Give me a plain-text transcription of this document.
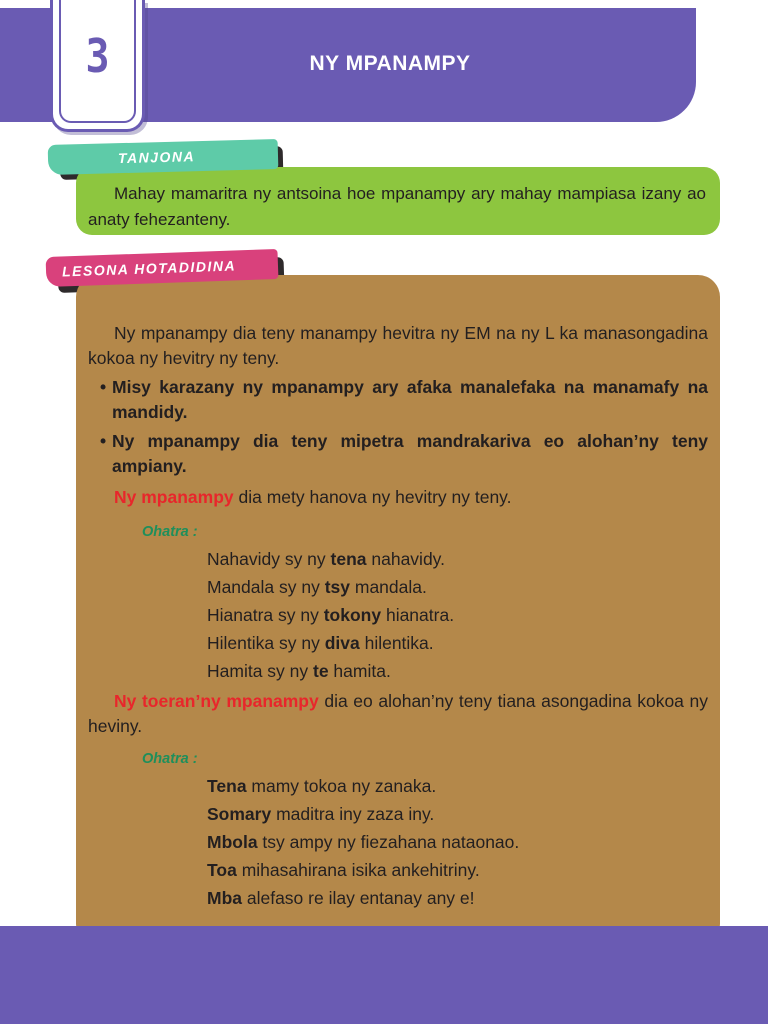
3	NY MPANAMPY

Mahay mamaritra ny antsoina hoe mpanampy ary mahay mampiasa izany ao anaty fehezanteny.

TANJONA

Ny mpanampy dia teny manampy hevitra ny EM na ny L ka manasongadina kokoa ny hevitry ny teny.

• Misy karazany ny mpanampy ary afaka manalefaka na manamafy na mandidy.
• Ny mpanampy dia teny mipetra mandrakariva eo alohan’ny teny ampiany.

Ny mpanampy dia mety hanova ny hevitry ny teny.

Ohatra :

Nahavidy sy ny tena nahavidy.

Mandala sy ny tsy mandala.

Hianatra sy ny tokony hianatra.

Hilentika sy ny diva hilentika.

Hamita sy ny te hamita.

Ny toeran’ny mpanampy dia eo alohan’ny teny tiana asongadina kokoa ny heviny.

Ohatra :

Tena mamy tokoa ny zanaka.

Somary maditra iny zaza iny.

Mbola tsy ampy ny fiezahana nataonao.

Toa mihasahirana isika ankehitriny.

Mba alefaso re ilay entanay any e!

LESONA HOTADIDINA
